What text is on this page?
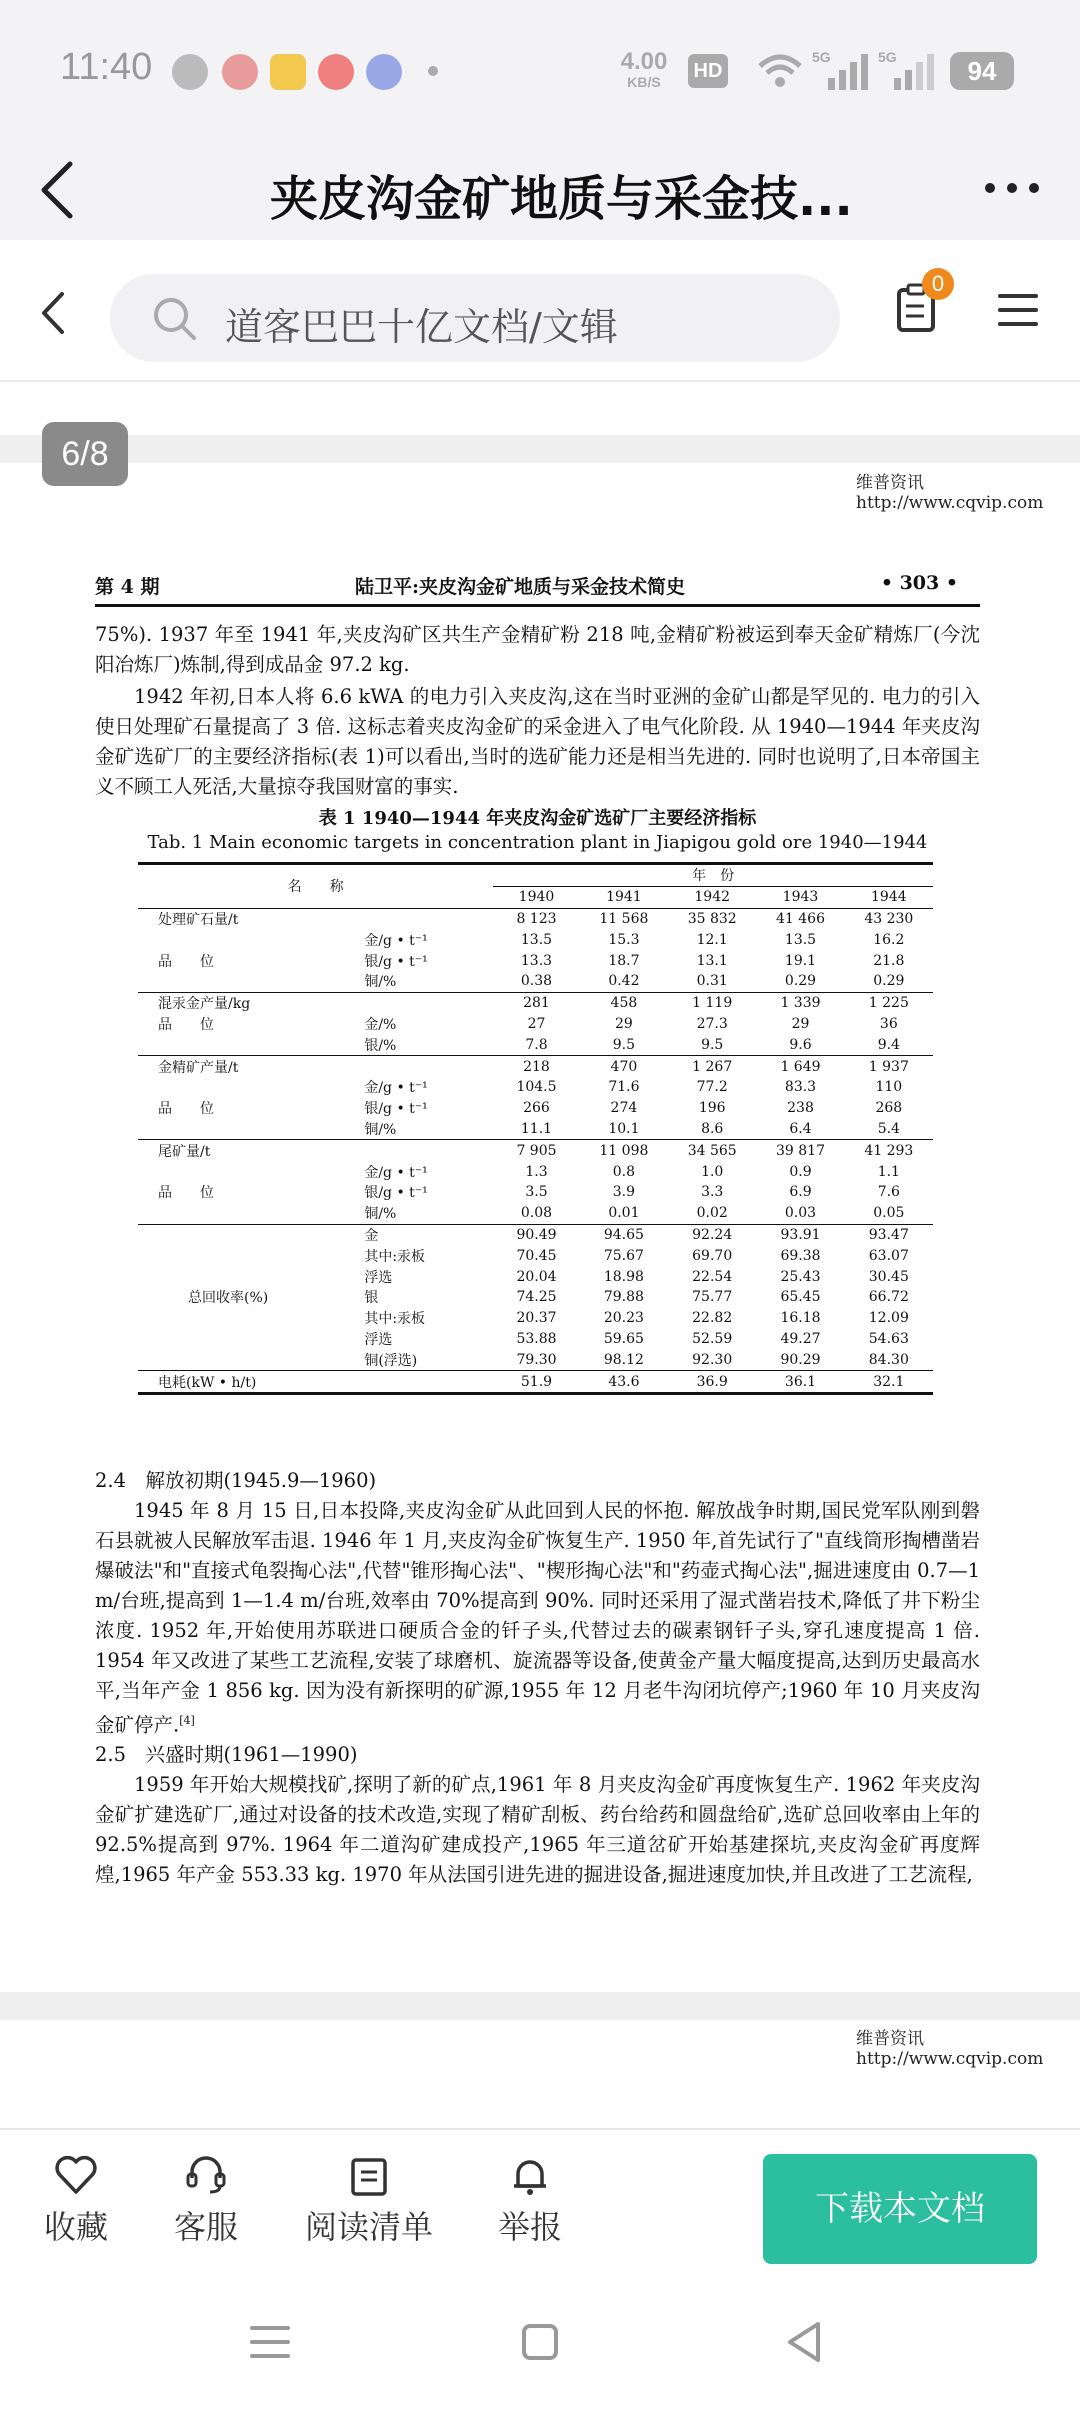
11:40	4.00
KB/S	HD
5G	5G	94
夹皮沟金矿地质与采金技...
道客巴巴十亿文档/文辑
0
6/8
维普资讯 http://www.cqvip.com
第 4 期	陆卫平:夹皮沟金矿地质与采金技术简史	• 303 •
75%). 1937 年至 1941 年,夹皮沟矿区共生产金精矿粉 218 吨,金精矿粉被运到奉天金矿精炼厂(今沈阳冶炼厂)炼制,得到成品金 97.2 kg.
1942 年初,日本人将 6.6 kWA 的电力引入夹皮沟,这在当时亚洲的金矿山都是罕见的. 电力的引入使日处理矿石量提高了 3 倍. 这标志着夹皮沟金矿的采金进入了电气化阶段. 从 1940—1944 年夹皮沟金矿选矿厂的主要经济指标(表 1)可以看出,当时的选矿能力还是相当先进的. 同时也说明了,日本帝国主义不顾工人死活,大量掠夺我国财富的事实.
表 1 1940—1944 年夹皮沟金矿选矿厂主要经济指标
Tab. 1 Main economic targets in concentration plant in Jiapigou gold ore 1940—1944
名　　称		年　份				
		1940	1941	1942	1943	1944
处理矿石量/t		8 123	11 568	35 832	41 466	43 230
	金/g • t⁻¹	13.5	15.3	12.1	13.5	16.2
品　　位	银/g • t⁻¹	13.3	18.7	13.1	19.1	21.8
	铜/%	0.38	0.42	0.31	0.29	0.29
混汞金产量/kg		281	458	1 119	1 339	1 225
品　　位	金/%	27	29	27.3	29	36
	银/%	7.8	9.5	9.5	9.6	9.4
金精矿产量/t		218	470	1 267	1 649	1 937
	金/g • t⁻¹	104.5	71.6	77.2	83.3	110
品　　位	银/g • t⁻¹	266	274	196	238	268
	铜/%	11.1	10.1	8.6	6.4	5.4
尾矿量/t		7 905	11 098	34 565	39 817	41 293
	金/g • t⁻¹	1.3	0.8	1.0	0.9	1.1
品　　位	银/g • t⁻¹	3.5	3.9	3.3	6.9	7.6
	铜/%	0.08	0.01	0.02	0.03	0.05
	金	90.49	94.65	92.24	93.91	93.47
	其中:汞板	70.45	75.67	69.70	69.38	63.07
	浮选	20.04	18.98	22.54	25.43	30.45
总回收率(%)	银	74.25	79.88	75.77	65.45	66.72
	其中:汞板	20.37	20.23	22.82	16.18	12.09
	浮选	53.88	59.65	52.59	49.27	54.63
	铜(浮选)	79.30	98.12	92.30	90.29	84.30
电耗(kW • h/t)		51.9	43.6	36.9	36.1	32.1
2.4　解放初期(1945.9—1960)
1945 年 8 月 15 日,日本投降,夹皮沟金矿从此回到人民的怀抱. 解放战争时期,国民党军队刚到磐石县就被人民解放军击退. 1946 年 1 月,夹皮沟金矿恢复生产. 1950 年,首先试行了"直线筒形掏槽凿岩爆破法"和"直接式龟裂掏心法",代替"锥形掏心法"、"楔形掏心法"和"药壶式掏心法",掘进速度由 0.7—1 m/台班,提高到 1—1.4 m/台班,效率由 70%提高到 90%. 同时还采用了湿式凿岩技术,降低了井下粉尘浓度. 1952 年,开始使用苏联进口硬质合金的钎子头,代替过去的碳素钢钎子头,穿孔速度提高 1 倍. 1954 年又改进了某些工艺流程,安装了球磨机、旋流器等设备,使黄金产量大幅度提高,达到历史最高水平,当年产金 1 856 kg. 因为没有新探明的矿源,1955 年 12 月老牛沟闭坑停产;1960 年 10 月夹皮沟金矿停产.[4]
2.5　兴盛时期(1961—1990)
1959 年开始大规模找矿,探明了新的矿点,1961 年 8 月夹皮沟金矿再度恢复生产. 1962 年夹皮沟金矿扩建选矿厂,通过对设备的技术改造,实现了精矿刮板、药台给药和圆盘给矿,选矿总回收率由上年的 92.5%提高到 97%. 1964 年二道沟矿建成投产,1965 年三道岔矿开始基建探坑,夹皮沟金矿再度辉煌,1965 年产金 553.33 kg. 1970 年从法国引进先进的掘进设备,掘进速度加快,并且改进了工艺流程,
维普资讯 http://www.cqvip.com
收藏 客服 阅读清单 举报	下载本文档
